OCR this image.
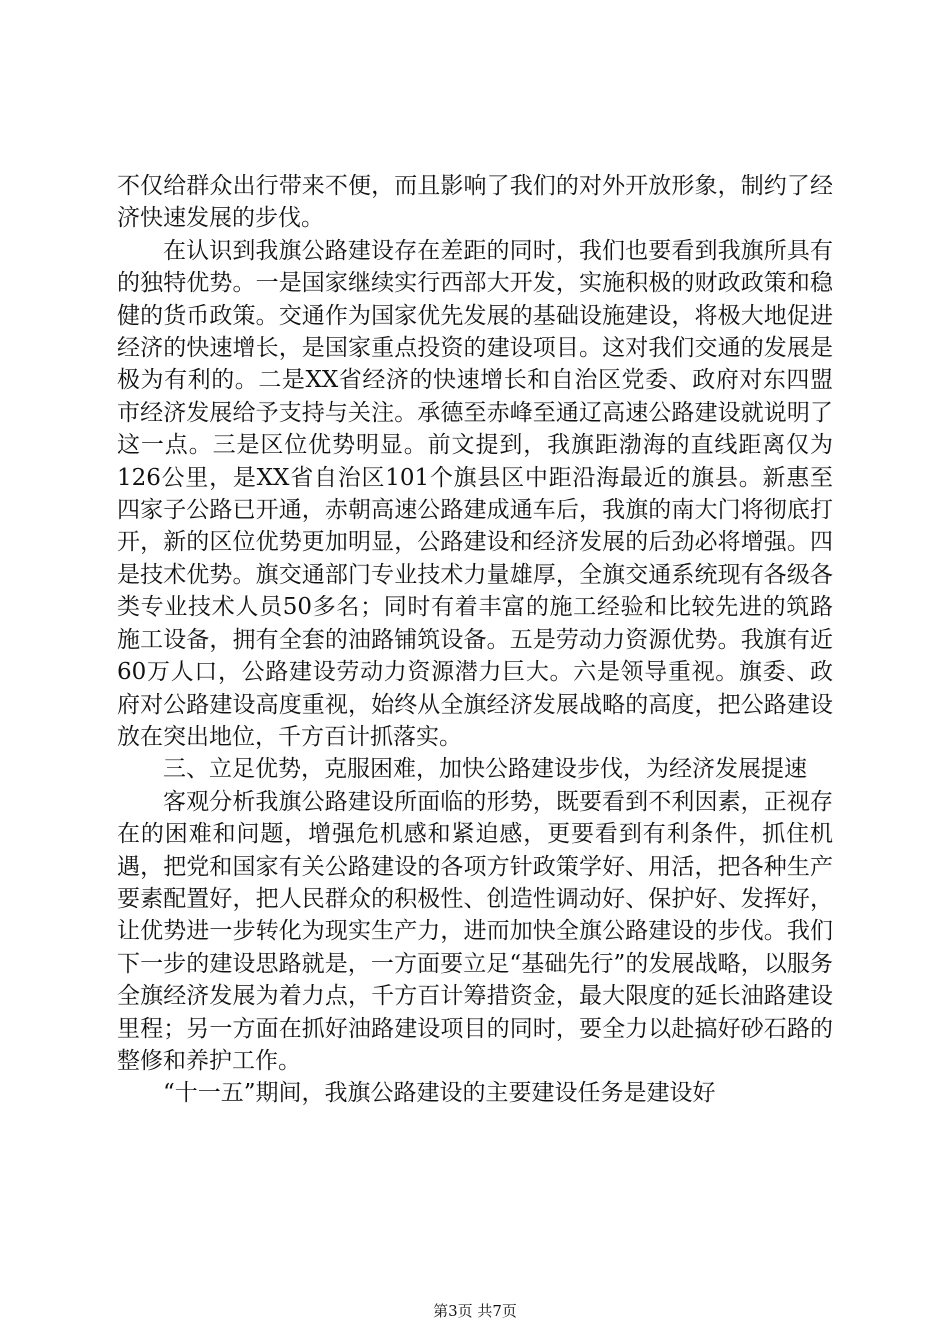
不仅给群众出行带来不便，而且影响了我们的对外开放形象，制约了经济快速发展的步伐。

在认识到我旗公路建设存在差距的同时，我们也要看到我旗所具有的独特优势。一是国家继续实行西部大开发，实施积极的财政政策和稳健的货币政策。交通作为国家优先发展的基础设施建设，将极大地促进经济的快速增长，是国家重点投资的建设项目。这对我们交通的发展是极为有利的。二是XX省经济的快速增长和自治区党委、政府对东四盟市经济发展给予支持与关注。承德至赤峰至通辽高速公路建设就说明了这一点。三是区位优势明显。前文提到，我旗距渤海的直线距离仅为126公里，是XX省自治区101个旗县区中距沿海最近的旗县。新惠至四家子公路已开通，赤朝高速公路建成通车后，我旗的南大门将彻底打开，新的区位优势更加明显，公路建设和经济发展的后劲必将增强。四是技术优势。旗交通部门专业技术力量雄厚，全旗交通系统现有各级各类专业技术人员50多名；同时有着丰富的施工经验和比较先进的筑路施工设备，拥有全套的油路铺筑设备。五是劳动力资源优势。我旗有近60万人口，公路建设劳动力资源潜力巨大。六是领导重视。旗委、政府对公路建设高度重视，始终从全旗经济发展战略的高度，把公路建设放在突出地位，千方百计抓落实。

三、立足优势，克服困难，加快公路建设步伐，为经济发展提速

客观分析我旗公路建设所面临的形势，既要看到不利因素，正视存在的困难和问题，增强危机感和紧迫感，更要看到有利条件，抓住机遇，把党和国家有关公路建设的各项方针政策学好、用活，把各种生产要素配置好，把人民群众的积极性、创造性调动好、保护好、发挥好，让优势进一步转化为现实生产力，进而加快全旗公路建设的步伐。我们下一步的建设思路就是，一方面要立足“基础先行”的发展战略，以服务全旗经济发展为着力点，千方百计筹措资金，最大限度的延长油路建设里程；另一方面在抓好油路建设项目的同时，要全力以赴搞好砂石路的整修和养护工作。

“十一五”期间，我旗公路建设的主要建设任务是建设好

第3页 共7页
